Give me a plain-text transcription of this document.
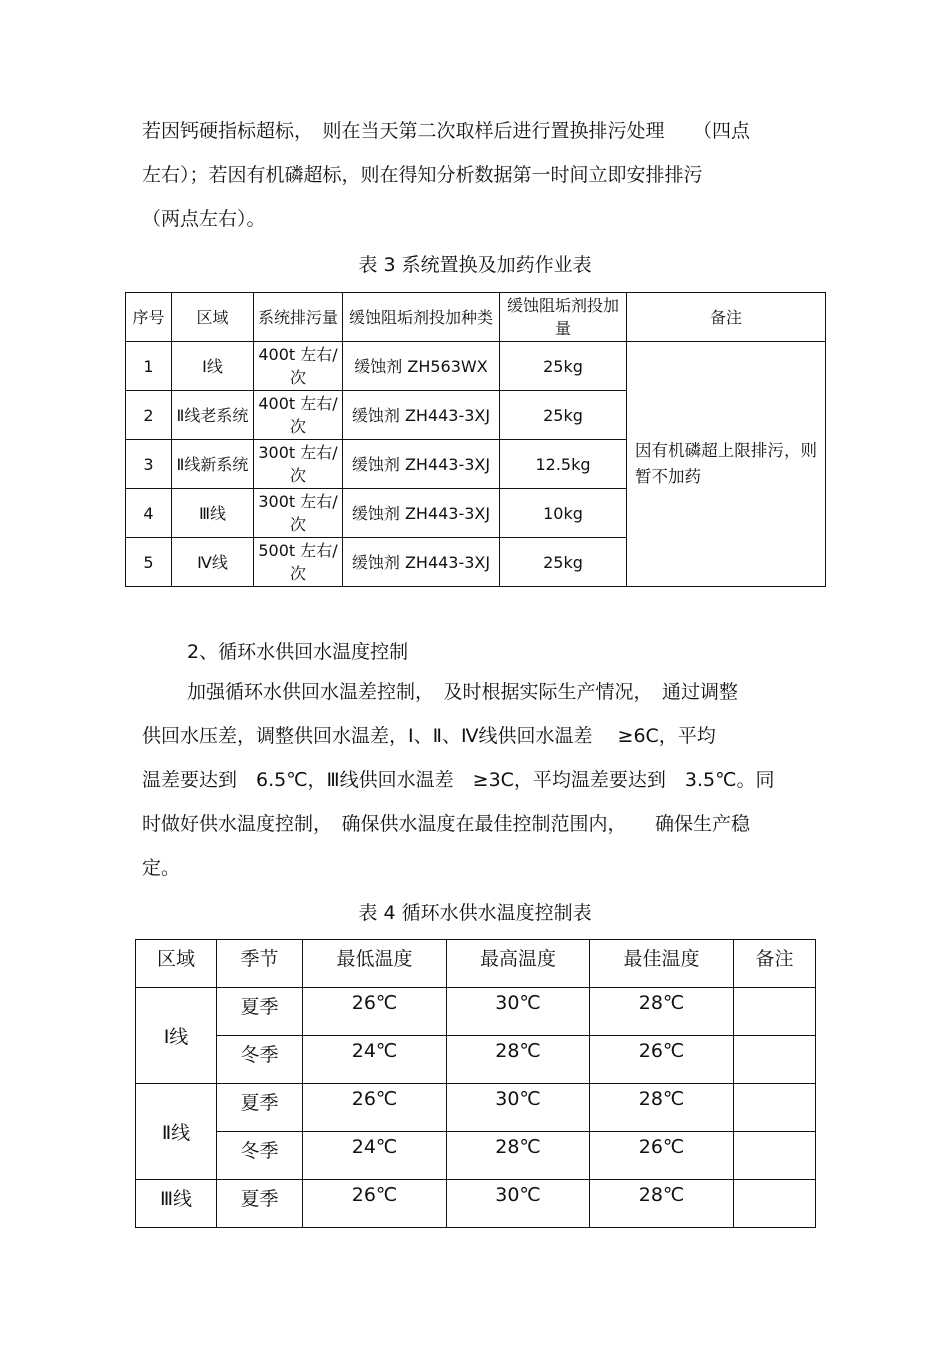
若因钙硬指标超标，　则在当天第二次取样后进行置换排污处理　　（四点
左右）；若因有机磷超标，则在得知分析数据第一时间立即安排排污
（两点左右）。

表 3 系统置换及加药作业表

序号	区域	系统排污量	缓蚀阻垢剂投加种类	缓蚀阻垢剂投加量	备注
1	Ⅰ线	400t 左右/次	缓蚀剂 ZH563WX	25kg	因有机磷超上限排污，则暂不加药
2	Ⅱ线老系统	400t 左右/次	缓蚀剂 ZH443-3XJ	25kg	
3	Ⅱ线新系统	300t 左右/次	缓蚀剂 ZH443-3XJ	12.5kg	
4	Ⅲ线	300t 左右/次	缓蚀剂 ZH443-3XJ	10kg	
5	Ⅳ线	500t 左右/次	缓蚀剂 ZH443-3XJ	25kg	

2、循环水供回水温度控制

加强循环水供回水温差控制，　及时根据实际生产情况，　通过调整
供回水压差，调整供回水温差，Ⅰ、Ⅱ、Ⅳ线供回水温差　 ≥6C，平均
温差要达到　6.5℃，Ⅲ线供回水温差　≥3C，平均温差要达到　3.5℃。同
时做好供水温度控制，　确保供水温度在最佳控制范围内，　　确保生产稳
定。

表 4 循环水供水温度控制表

区域	季节	最低温度	最高温度	最佳温度	备注
Ⅰ线	夏季	26℃	30℃	28℃	
	冬季	24℃	28℃	26℃	
Ⅱ线	夏季	26℃	30℃	28℃	
	冬季	24℃	28℃	26℃	
Ⅲ线	夏季	26℃	30℃	28℃	
